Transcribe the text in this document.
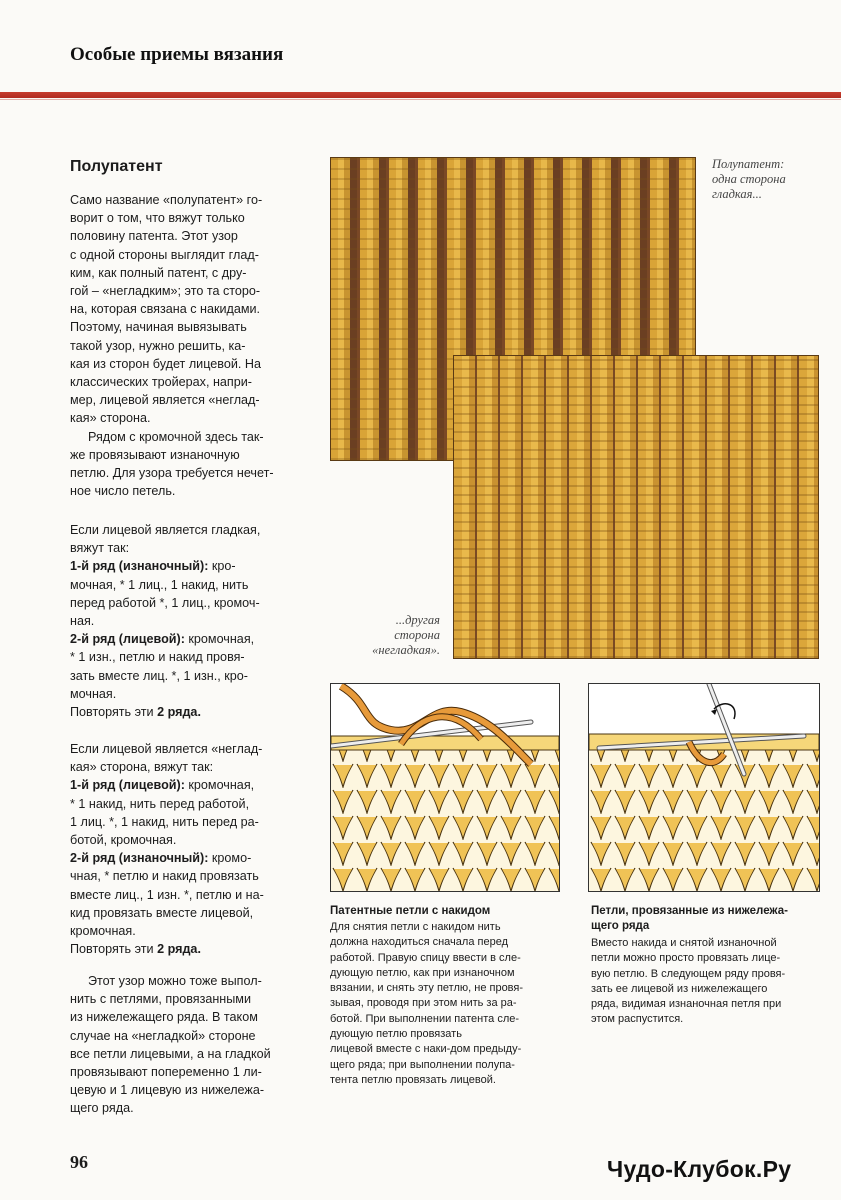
Особые приемы вязания
Полупатент
Само название «полупатент» го-
ворит о том, что вяжут только
половину патента. Этот узор
с одной стороны выглядит глад-
ким, как полный патент, с дру-
гой – «негладким»; это та сторо-
на, которая связана с накидами.
Поэтому, начиная вывязывать
такой узор, нужно решить, ка-
кая из сторон будет лицевой. На
классических тройерах, напри-
мер, лицевой является «неглад-
кая» сторона.
Рядом с кромочной здесь так-
же провязывают изнаночную
петлю. Для узора требуется нечет-
ное число петель.
Если лицевой является гладкая,
вяжут так:
1-й ряд (изнаночный): кро-
мочная, * 1 лиц., 1 накид, нить
перед работой *, 1 лиц., кромоч-
ная.
2-й ряд (лицевой): кромочная,
* 1 изн., петлю и накид провя-
зать вместе лиц. *, 1 изн., кро-
мочная.
Повторять эти 2 ряда.
Если лицевой является «неглад-
кая» сторона, вяжут так:
1-й ряд (лицевой): кромочная,
* 1 накид, нить перед работой,
1 лиц. *, 1 накид, нить перед ра-
ботой, кромочная.
2-й ряд (изнаночный): кромо-
чная, * петлю и накид провязать
вместе лиц., 1 изн. *, петлю и на-
кид провязать вместе лицевой,
кромочная.
Повторять эти 2 ряда.
Этот узор можно тоже выпол-
нить с петлями, провязанными
из нижележащего ряда. В таком
случае на «негладкой» стороне
все петли лицевыми, а на гладкой
провязывают попеременно 1 ли-
цевую и 1 лицевую из нижележа-
щего ряда.
Полупатент:
одна сторона
гладкая...
...другая
сторона
«негладкая».
Патентные петли с накидом
Для снятия петли с накидом нить
должна находиться сначала перед
работой. Правую спицу ввести в сле-
дующую петлю, как при изнаночном
вязании, и снять эту петлю, не провя-
зывая, проводя при этом нить за ра-
ботой. При выполнении патента сле-
дующую петлю провязать
лицевой вместе с наки-дом предыду-
щего ряда; при выполнении полупа-
тента петлю провязать лицевой.
Петли, провязанные из нижележа-
щего ряда
Вместо накида и снятой изнаночной
петли можно просто провязать лице-
вую петлю. В следующем ряду провя-
зать ее лицевой из нижележащего
ряда, видимая изнаночная петля при
этом распустится.
96	Чудо-Клубок.Ру
